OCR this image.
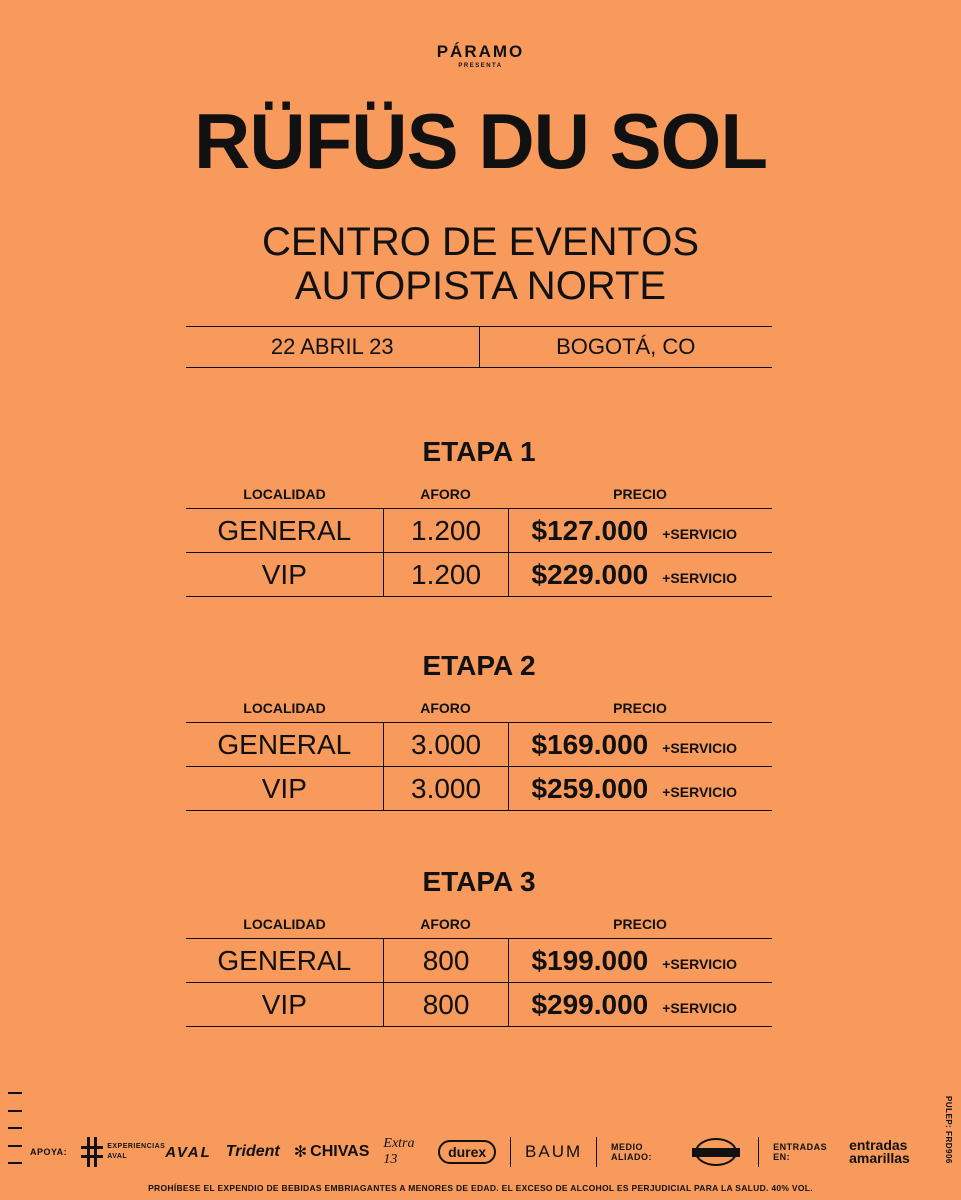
PÁRAMO
PRESENTA
RÜFÜS DU SOL
CENTRO DE EVENTOS
AUTOPISTA NORTE
22 ABRIL 23	BOGOTÁ, CO
ETAPA 1
LOCALIDAD	AFORO	PRECIO
GENERAL	1.200	$127.000 +SERVICIO
VIP	1.200	$229.000 +SERVICIO
ETAPA 2
LOCALIDAD	AFORO	PRECIO
GENERAL	3.000	$169.000 +SERVICIO
VIP	3.000	$259.000 +SERVICIO
ETAPA 3
LOCALIDAD	AFORO	PRECIO
GENERAL	800	$199.000 +SERVICIO
VIP	800	$299.000 +SERVICIO
APOYA:
EXPERIENCIAS AVAL	AVAL Trident ✻ CHIVAS Extra 13	durex	BAUM	MEDIO ALIADO:
ENTRADAS EN:
entradas amarillas	PULEP: FRD906
PROHÍBESE EL EXPENDIO DE BEBIDAS EMBRIAGANTES A MENORES DE EDAD. EL EXCESO DE ALCOHOL ES PERJUDICIAL PARA LA SALUD. 40% VOL.
